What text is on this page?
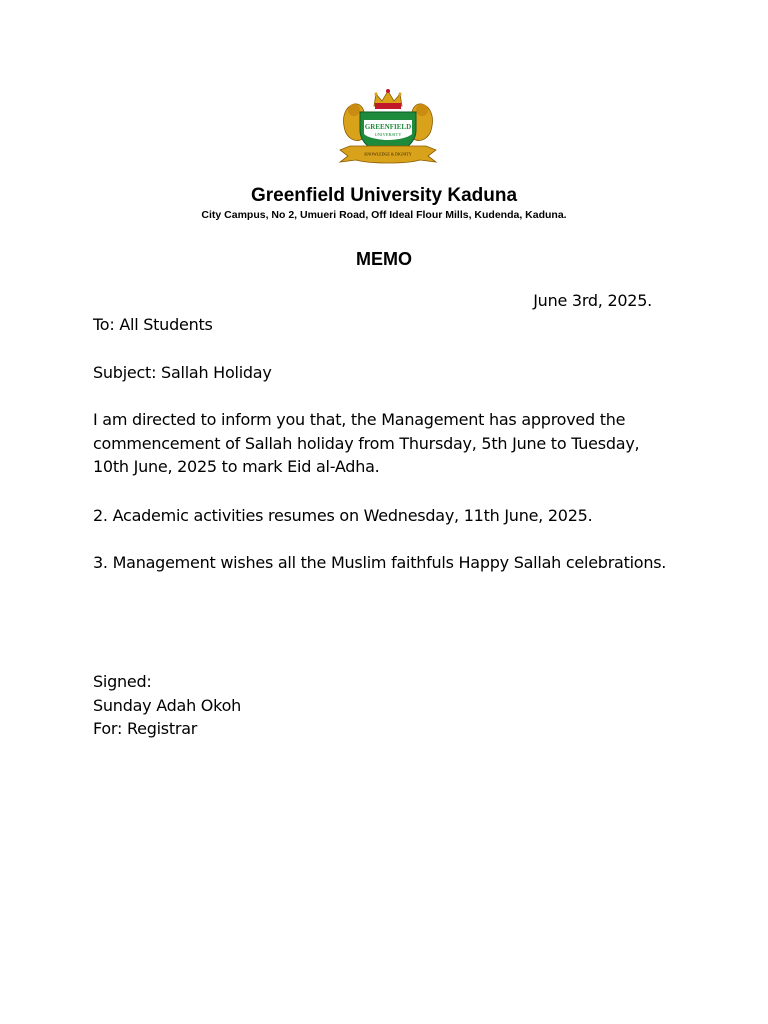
GREENFIELD
UNIVERSITY
KNOWLEDGE & DIGNITY
Greenfield University Kaduna
City Campus, No 2, Umueri Road, Off Ideal Flour Mills, Kudenda, Kaduna.
MEMO
June 3rd, 2025.
To: All Students
Subject: Sallah Holiday

I am directed to inform you that, the Management has approved the commencement of Sallah holiday from Thursday, 5th June to Tuesday, 10th June, 2025 to mark Eid al-Adha.

2. Academic activities resumes on Wednesday, 11th June, 2025.

3. Management wishes all the Muslim faithfuls Happy Sallah celebrations.

Signed:
Sunday Adah Okoh
For: Registrar
